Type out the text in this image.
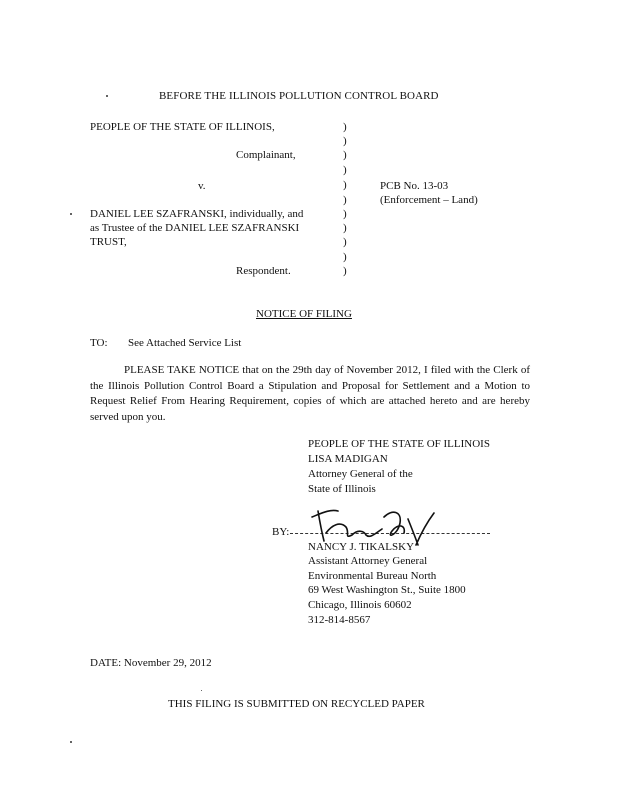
BEFORE THE ILLINOIS POLLUTION CONTROL BOARD
PEOPLE OF THE STATE OF ILLINOIS,
Complainant,
v.
DANIEL LEE SZAFRANSKI, individually, and
as Trustee of the DANIEL LEE SZAFRANSKI
TRUST,
Respondent.
)
)
)
)
)
)
)
)
)
)
)
PCB No. 13-03
(Enforcement – Land)
NOTICE OF FILING
TO: See Attached Service List
PLEASE TAKE NOTICE that on the 29th day of November 2012, I filed with the Clerk of the Illinois Pollution Control Board a Stipulation and Proposal for Settlement and a Motion to Request Relief From Hearing Requirement, copies of which are attached hereto and are hereby served upon you.
PEOPLE OF THE STATE OF ILLINOIS
LISA MADIGAN
Attorney General of the
State of Illinois
BY:
NANCY J. TIKALSKY
Assistant Attorney General
Environmental Bureau North
69 West Washington St., Suite 1800
Chicago, Illinois 60602
312-814-8567
DATE: November 29, 2012
THIS FILING IS SUBMITTED ON RECYCLED PAPER
